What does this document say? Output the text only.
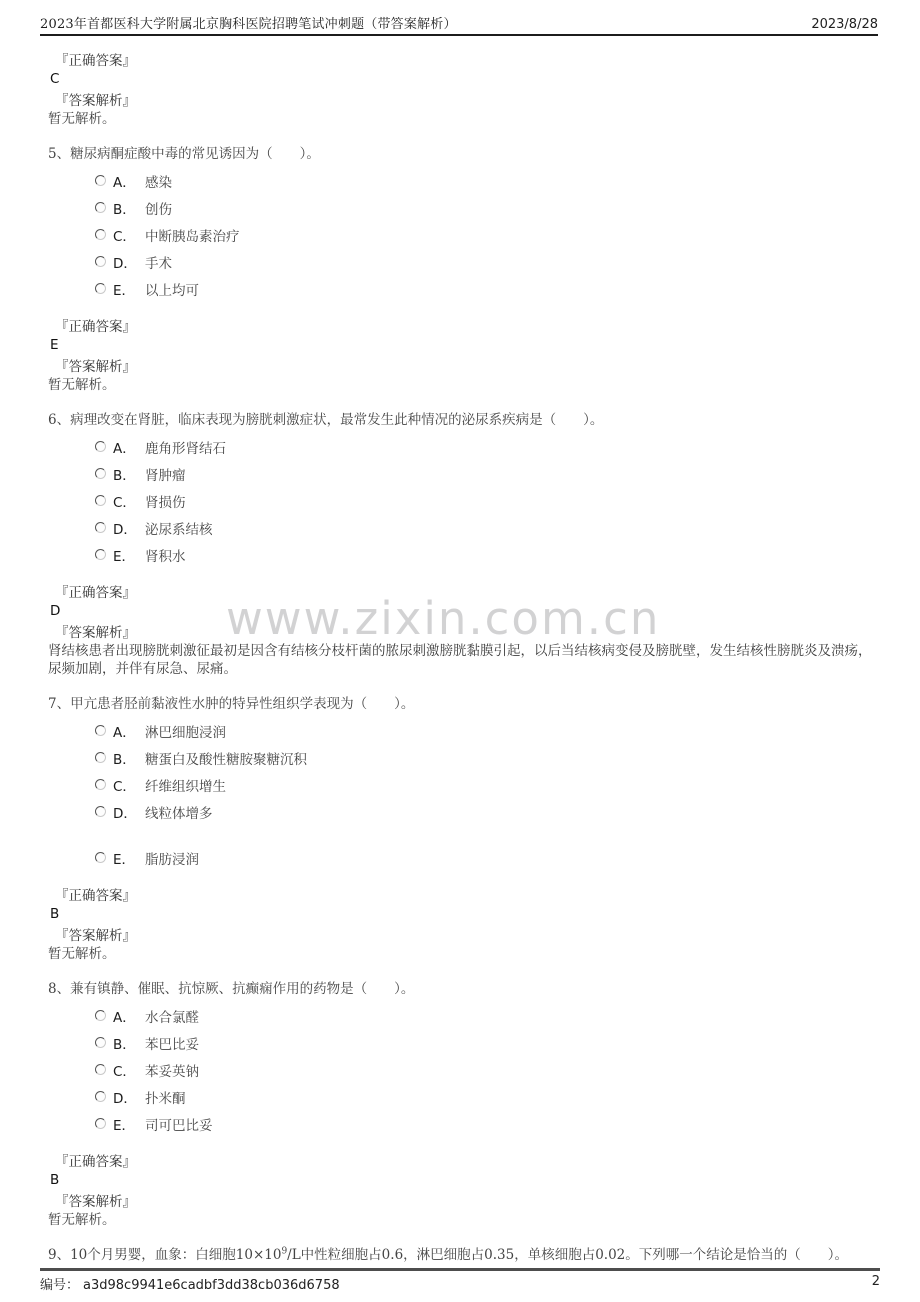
2023年首都医科大学附属北京胸科医院招聘笔试冲刺题（带答案解析）	2023/8/28
www.zixin.com.cn
『正确答案』
C
『答案解析』
暂无解析。
5、糖尿病酮症酸中毒的常见诱因为（　　）。
A． 感染
B． 创伤
C． 中断胰岛素治疗
D． 手术
E． 以上均可
『正确答案』
E
『答案解析』
暂无解析。
6、病理改变在肾脏，临床表现为膀胱刺激症状，最常发生此种情况的泌尿系疾病是（　　）。
A． 鹿角形肾结石
B． 肾肿瘤
C． 肾损伤
D． 泌尿系结核
E． 肾积水
『正确答案』
D
『答案解析』
肾结核患者出现膀胱刺激征最初是因含有结核分枝杆菌的脓尿刺激膀胱黏膜引起，以后当结核病变侵及膀胱壁，发生结核性膀胱炎及溃疡，尿频加剧，并伴有尿急、尿痛。
7、甲亢患者胫前黏液性水肿的特异性组织学表现为（　　）。
A． 淋巴细胞浸润
B． 糖蛋白及酸性糖胺聚糖沉积
C． 纤维组织增生
D． 线粒体增多
E． 脂肪浸润
『正确答案』
B
『答案解析』
暂无解析。
8、兼有镇静、催眠、抗惊厥、抗癫痫作用的药物是（　　）。
A． 水合氯醛
B． 苯巴比妥
C． 苯妥英钠
D． 扑米酮
E． 司可巴比妥
『正确答案』
B
『答案解析』
暂无解析。
9、10个月男婴，血象：白细胞$10\times 10^9/L$中性粒细胞占0.6，淋巴细胞占0.35，单核细胞占0.02。下列哪一个结论是恰当的（　　）。
编号： a3d98c9941e6cadbf3dd38cb036d6758	2
